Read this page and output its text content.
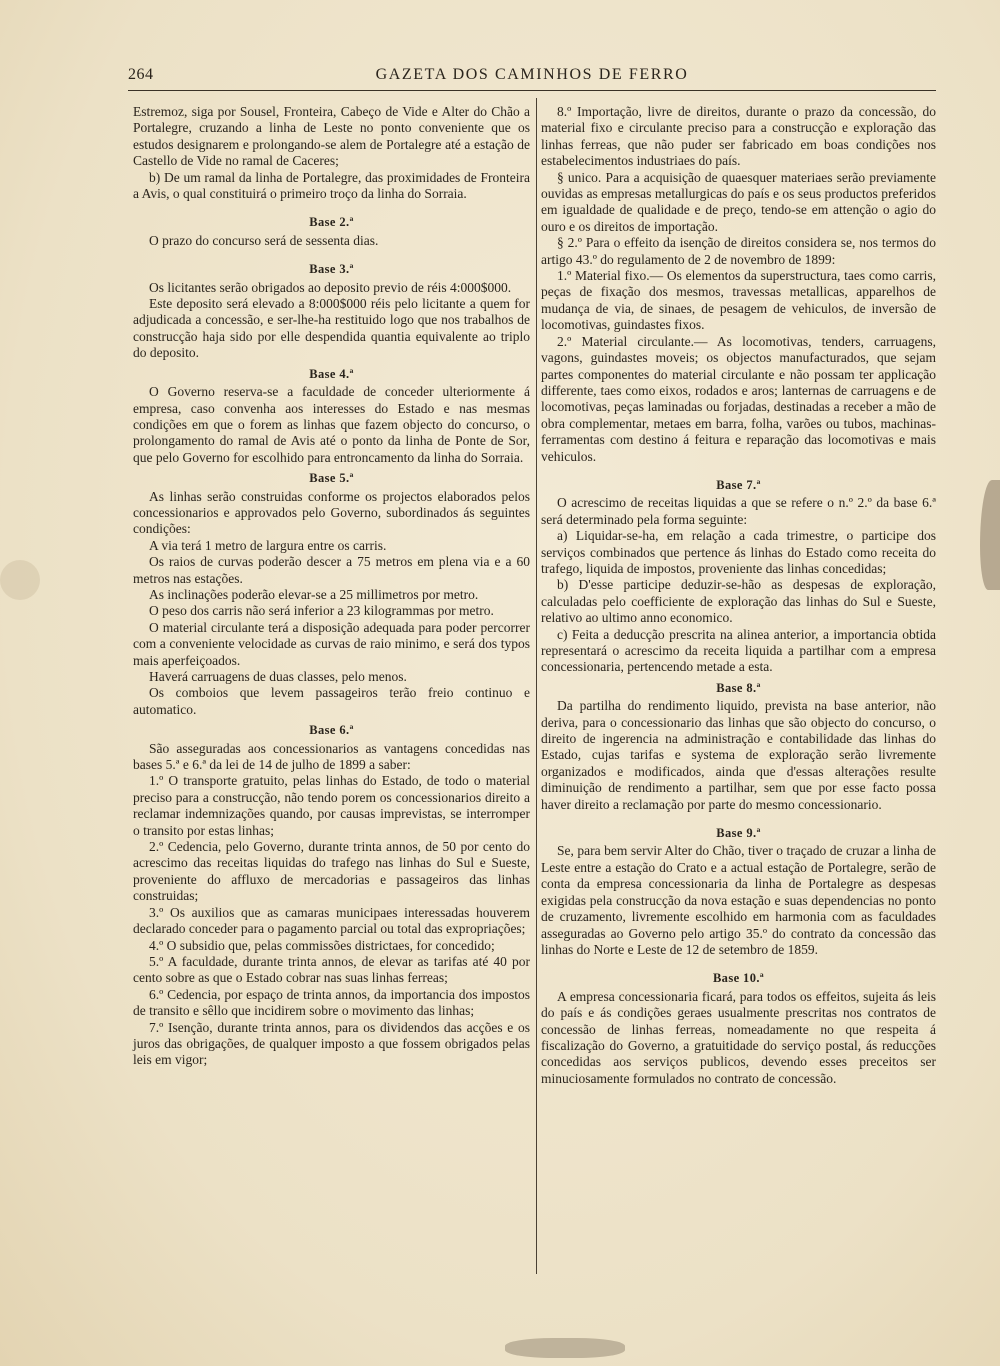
264	GAZETA DOS CAMINHOS DE FERRO

Estremoz, siga por Sousel, Fronteira, Cabeço de Vide e Alter do Chão a Portalegre, cruzando a linha de Leste no ponto conveniente que os estudos designarem e prolongando-se alem de Portalegre até a estação de Castello de Vide no ramal de Caceres;

b) De um ramal da linha de Portalegre, das proximidades de Fronteira a Avis, o qual constituirá o primeiro troço da linha do Sorraia.

Base 2.ª

O prazo do concurso será de sessenta dias.

Base 3.ª

Os licitantes serão obrigados ao deposito previo de réis 4:000$000.

Este deposito será elevado a 8:000$000 réis pelo licitante a quem for adjudicada a concessão, e ser-lhe-ha restituido logo que nos trabalhos de construcção haja sido por elle despendida quantia equivalente ao triplo do deposito.

Base 4.ª

O Governo reserva-se a faculdade de conceder ulteriormente á empresa, caso convenha aos interesses do Estado e nas mesmas condições em que o forem as linhas que fazem objecto do concurso, o prolongamento do ramal de Avis até o ponto da linha de Ponte de Sor, que pelo Governo for escolhido para entroncamento da linha do Sorraia.

Base 5.ª

As linhas serão construidas conforme os projectos elaborados pelos concessionarios e approvados pelo Governo, subordinados ás seguintes condições:

A via terá 1 metro de largura entre os carris.

Os raios de curvas poderão descer a 75 metros em plena via e a 60 metros nas estações.

As inclinações poderão elevar-se a 25 millimetros por metro.

O peso dos carris não será inferior a 23 kilogrammas por metro.

O material circulante terá a disposição adequada para poder percorrer com a conveniente velocidade as curvas de raio minimo, e será dos typos mais aperfeiçoados.

Haverá carruagens de duas classes, pelo menos.

Os comboios que levem passageiros terão freio continuo e automatico.

Base 6.ª

São asseguradas aos concessionarios as vantagens concedidas nas bases 5.ª e 6.ª da lei de 14 de julho de 1899 a saber:

1.º O transporte gratuito, pelas linhas do Estado, de todo o material preciso para a construcção, não tendo porem os concessionarios direito a reclamar indemnizações quando, por causas imprevistas, se interromper o transito por estas linhas;

2.º Cedencia, pelo Governo, durante trinta annos, de 50 por cento do acrescimo das receitas liquidas do trafego nas linhas do Sul e Sueste, proveniente do affluxo de mercadorias e passageiros das linhas construidas;

3.º Os auxilios que as camaras municipaes interessadas houverem declarado conceder para o pagamento parcial ou total das expropriações;

4.º O subsidio que, pelas commissões districtaes, for concedido;

5.º A faculdade, durante trinta annos, de elevar as tarifas até 40 por cento sobre as que o Estado cobrar nas suas linhas ferreas;

6.º Cedencia, por espaço de trinta annos, da importancia dos impostos de transito e sêllo que incidirem sobre o movimento das linhas;

7.º Isenção, durante trinta annos, para os dividendos das acções e os juros das obrigações, de qualquer imposto a que fossem obrigados pelas leis em vigor;

8.º Importação, livre de direitos, durante o prazo da concessão, do material fixo e circulante preciso para a construcção e exploração das linhas ferreas, que não puder ser fabricado em boas condições nos estabelecimentos industriaes do país.

§ unico. Para a acquisição de quaesquer materiaes serão previamente ouvidas as empresas metallurgicas do país e os seus productos preferidos em igualdade de qualidade e de preço, tendo-se em attenção o agio do ouro e os direitos de importação.

§ 2.º Para o effeito da isenção de direitos considera se, nos termos do artigo 43.º do regulamento de 2 de novembro de 1899:

1.º Material fixo.— Os elementos da superstructura, taes como carris, peças de fixação dos mesmos, travessas metallicas, apparelhos de mudança de via, de sinaes, de pesagem de vehiculos, de inversão de locomotivas, guindastes fixos.

2.º Material circulante.— As locomotivas, tenders, carruagens, vagons, guindastes moveis; os objectos manufacturados, que sejam partes componentes do material circulante e não possam ter applicação differente, taes como eixos, rodados e aros; lanternas de carruagens e de locomotivas, peças laminadas ou forjadas, destinadas a receber a mão de obra complementar, metaes em barra, folha, varões ou tubos, machinas-ferramentas com destino á feitura e reparação das locomotivas e mais vehiculos.

Base 7.ª

O acrescimo de receitas liquidas a que se refere o n.º 2.º da base 6.ª será determinado pela forma seguinte:

a) Liquidar-se-ha, em relação a cada trimestre, o participe dos serviços combinados que pertence ás linhas do Estado como receita do trafego, liquida de impostos, proveniente das linhas concedidas;

b) D'esse participe deduzir-se-hão as despesas de exploração, calculadas pelo coefficiente de exploração das linhas do Sul e Sueste, relativo ao ultimo anno economico.

c) Feita a deducção prescrita na alinea anterior, a importancia obtida representará o acrescimo da receita liquida a partilhar com a empresa concessionaria, pertencendo metade a esta.

Base 8.ª

Da partilha do rendimento liquido, prevista na base anterior, não deriva, para o concessionario das linhas que são objecto do concurso, o direito de ingerencia na administração e contabilidade das linhas do Estado, cujas tarifas e systema de exploração serão livremente organizados e modificados, ainda que d'essas alterações resulte diminuição de rendimento a partilhar, sem que por esse facto possa haver direito a reclamação por parte do mesmo concessionario.

Base 9.ª

Se, para bem servir Alter do Chão, tiver o traçado de cruzar a linha de Leste entre a estação do Crato e a actual estação de Portalegre, serão de conta da empresa concessionaria da linha de Portalegre as despesas exigidas pela construcção da nova estação e suas dependencias no ponto de cruzamento, livremente escolhido em harmonia com as faculdades asseguradas ao Governo pelo artigo 35.º do contrato da concessão das linhas do Norte e Leste de 12 de setembro de 1859.

Base 10.ª

A empresa concessionaria ficará, para todos os effeitos, sujeita ás leis do país e ás condições geraes usualmente prescritas nos contratos de concessão de linhas ferreas, nomeadamente no que respeita á fiscalização do Governo, a gratuitidade do serviço postal, ás reducções concedidas aos serviços publicos, devendo esses preceitos ser minuciosamente formulados no contrato de concessão.
